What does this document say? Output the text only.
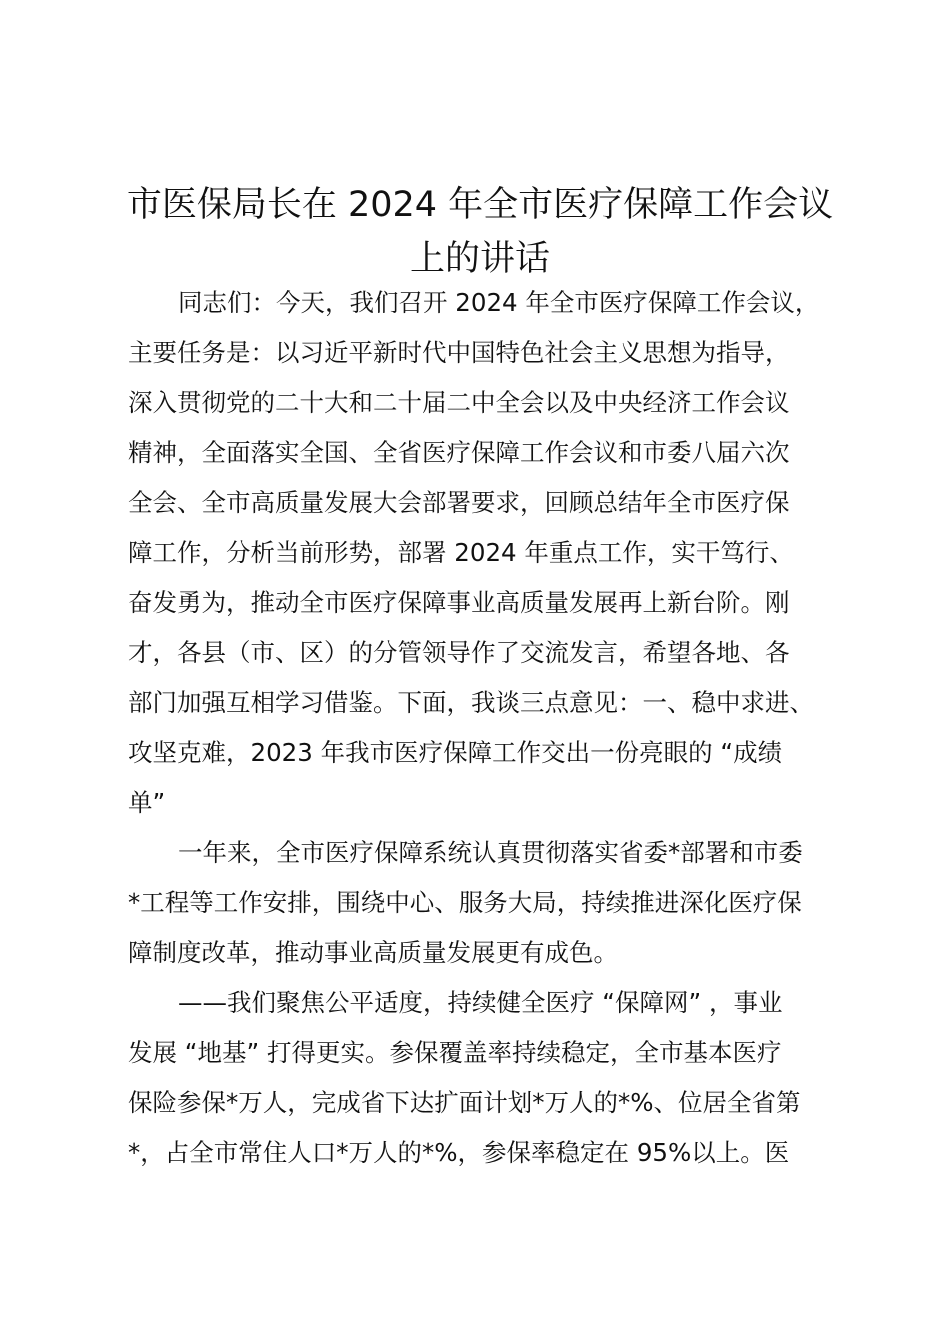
市医保局长在 2024 年全市医疗保障工作会议
上的讲话
同志们：今天，我们召开 2024 年全市医疗保障工作会议，
主要任务是：以习近平新时代中国特色社会主义思想为指导，
深入贯彻党的二十大和二十届二中全会以及中央经济工作会议
精神，全面落实全国、全省医疗保障工作会议和市委八届六次
全会、全市高质量发展大会部署要求，回顾总结年全市医疗保
障工作，分析当前形势，部署 2024 年重点工作，实干笃行、
奋发勇为，推动全市医疗保障事业高质量发展再上新台阶。刚
才，各县（市、区）的分管领导作了交流发言，希望各地、各
部门加强互相学习借鉴。下面，我谈三点意见：一、稳中求进、
攻坚克难，2023 年我市医疗保障工作交出一份亮眼的 “成绩
单”
一年来，全市医疗保障系统认真贯彻落实省委*部署和市委
*工程等工作安排，围绕中心、服务大局，持续推进深化医疗保
障制度改革，推动事业高质量发展更有成色。
——我们聚焦公平适度，持续健全医疗 “保障网” ，事业
发展 “地基” 打得更实。参保覆盖率持续稳定，全市基本医疗
保险参保*万人，完成省下达扩面计划*万人的*%、位居全省第
*，占全市常住人口*万人的*%，参保率稳定在 95%以上。医
